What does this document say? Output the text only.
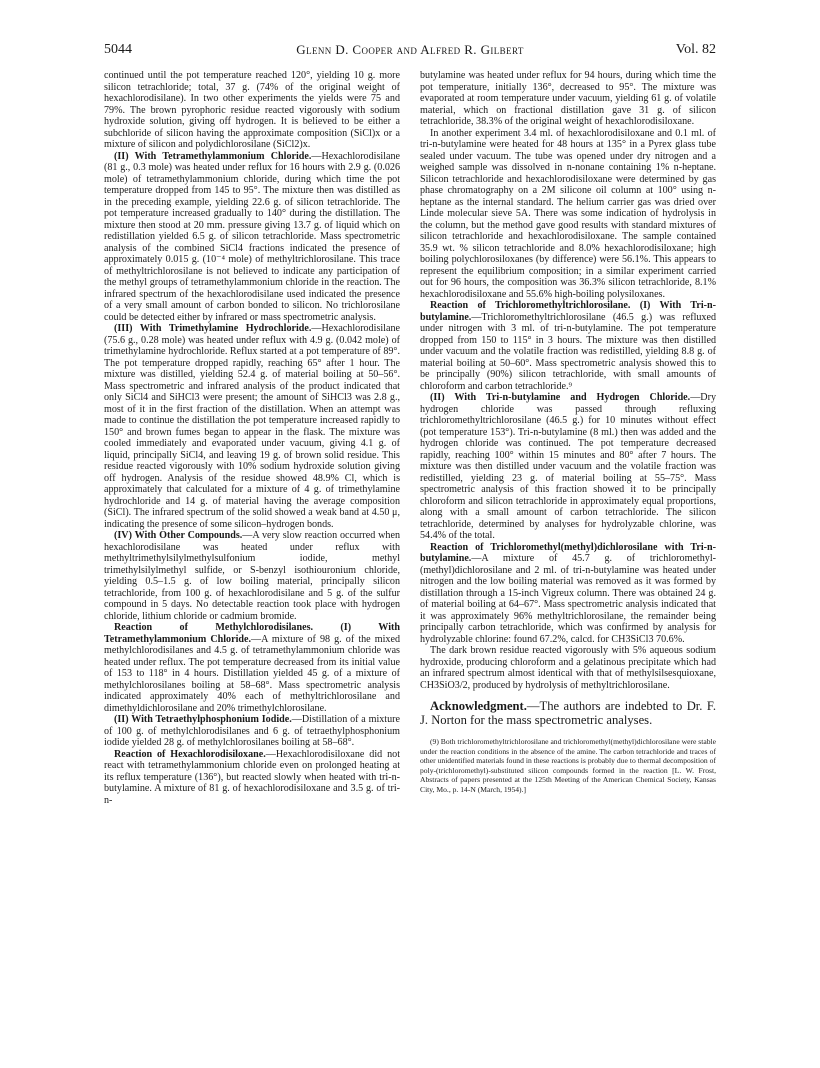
5044	Glenn D. Cooper and Alfred R. Gilbert	Vol. 82

continued until the pot temperature reached 120°, yielding 10 g. more silicon tetrachloride; total, 37 g. (74% of the original weight of hexachlorodisilane). In two other experiments the yields were 75 and 79%. The brown pyrophoric residue reacted vigorously with sodium hydroxide solution, giving off hydrogen. It is believed to be either a subchloride of silicon having the approximate composition (SiCl)x or a mixture of silicon and polydichlorosilane (SiCl2)x.

(II) With Tetramethylammonium Chloride.—Hexachlorodisilane (81 g., 0.3 mole) was heated under reflux for 16 hours with 2.9 g. (0.026 mole) of tetramethylammonium chloride, during which time the pot temperature dropped from 145 to 95°. The mixture then was distilled as in the preceding example, yielding 22.6 g. of silicon tetrachloride. The pot temperature increased gradually to 140° during the distillation. The mixture then stood at 20 mm. pressure giving 13.7 g. of liquid which on redistillation yielded 6.5 g. of silicon tetrachloride. Mass spectrometric analysis of the combined SiCl4 fractions indicated the presence of approximately 0.015 g. (10⁻⁴ mole) of methyltrichlorosilane. This trace of methyltrichlorosilane is not believed to indicate any participation of the methyl groups of tetramethylammonium chloride in the reaction. The infrared spectrum of the hexachlorodisilane used indicated the presence of a very small amount of carbon bonded to silicon. No trichlorosilane could be detected either by infrared or mass spectrometric analysis.

(III) With Trimethylamine Hydrochloride.—Hexachlorodisilane (75.6 g., 0.28 mole) was heated under reflux with 4.9 g. (0.042 mole) of trimethylamine hydrochloride. Reflux started at a pot temperature of 89°. The pot temperature dropped rapidly, reaching 65° after 1 hour. The mixture was distilled, yielding 52.4 g. of material boiling at 50–56°. Mass spectrometric and infrared analysis of the product indicated that only SiCl4 and SiHCl3 were present; the amount of SiHCl3 was 2.8 g., most of it in the first fraction of the distillation. When an attempt was made to continue the distillation the pot temperature increased rapidly to 150° and brown fumes began to appear in the flask. The mixture was cooled immediately and evaporated under vacuum, giving 4.1 g. of liquid, principally SiCl4, and leaving 19 g. of brown solid residue. This residue reacted vigorously with 10% sodium hydroxide solution giving off hydrogen. Analysis of the residue showed 48.9% Cl, which is approximately that calculated for a mixture of 4 g. of trimethylamine hydrochloride and 14 g. of material having the average composition (SiCl). The infrared spectrum of the solid showed a weak band at 4.50 μ, indicating the presence of some silicon–hydrogen bonds.

(IV) With Other Compounds.—A very slow reaction occurred when hexachlorodisilane was heated under reflux with methyltrimethylsilylmethylsulfonium iodide, methyl trimethylsilylmethyl sulfide, or S-benzyl isothiouronium chloride, yielding 0.5–1.5 g. of low boiling material, principally silicon tetrachloride, from 100 g. of hexachlorodisilane and 5 g. of the sulfur compound in 5 days. No detectable reaction took place with hydrogen chloride, lithium chloride or cadmium bromide.

Reaction of Methylchlorodisilanes. (I) With Tetramethylammonium Chloride.—A mixture of 98 g. of the mixed methylchlorodisilanes and 4.5 g. of tetramethylammonium chloride was heated under reflux. The pot temperature decreased from its initial value of 153 to 118° in 4 hours. Distillation yielded 45 g. of a mixture of methylchlorosilanes boiling at 58–68°. Mass spectrometric analysis indicated approximately 40% each of methyltrichlorosilane and dimethyldichlorosilane and 20% trimethylchlorosilane.

(II) With Tetraethylphosphonium Iodide.—Distillation of a mixture of 100 g. of methylchlorodisilanes and 6 g. of tetraethylphosphonium iodide yielded 28 g. of methylchlorosilanes boiling at 58–68°.

Reaction of Hexachlorodisiloxane.—Hexachlorodisiloxane did not react with tetramethylammonium chloride even on prolonged heating at its reflux temperature (136°), but reacted slowly when heated with tri-n-butylamine. A mixture of 81 g. of hexachlorodisiloxane and 3.5 g. of tri-n-

butylamine was heated under reflux for 94 hours, during which time the pot temperature, initially 136°, decreased to 95°. The mixture was evaporated at room temperature under vacuum, yielding 61 g. of volatile material, which on fractional distillation gave 31 g. of silicon tetrachloride, 38.3% of the original weight of hexachlorodisiloxane.

In another experiment 3.4 ml. of hexachlorodisiloxane and 0.1 ml. of tri-n-butylamine were heated for 48 hours at 135° in a Pyrex glass tube sealed under vacuum. The tube was opened under dry nitrogen and a weighed sample was dissolved in n-nonane containing 1% n-heptane. Silicon tetrachloride and hexachlorodisiloxane were determined by gas phase chromatography on a 2M silicone oil column at 100° using n-heptane as the internal standard. The helium carrier gas was dried over Linde molecular sieve 5A. There was some indication of hydrolysis in the column, but the method gave good results with standard mixtures of silicon tetrachloride and hexachlorodisiloxane. The sample contained 35.9 wt. % silicon tetrachloride and 8.0% hexachlorodisiloxane; high boiling polychlorosiloxanes (by difference) were 56.1%. This appears to represent the equilibrium composition; in a similar experiment carried out for 96 hours, the composition was 36.3% silicon tetrachloride, 8.1% hexachlorodisiloxane and 55.6% high-boiling polysiloxanes.

Reaction of Trichloromethyltrichlorosilane. (I) With Tri-n-butylamine.—Trichloromethyltrichlorosilane (46.5 g.) was refluxed under nitrogen with 3 ml. of tri-n-butylamine. The pot temperature dropped from 150 to 115° in 3 hours. The mixture was then distilled under vacuum and the volatile fraction was redistilled, yielding 8.8 g. of material boiling at 50–60°. Mass spectrometric analysis showed this to be principally (90%) silicon tetrachloride, with small amounts of chloroform and carbon tetrachloride.⁹

(II) With Tri-n-butylamine and Hydrogen Chloride.—Dry hydrogen chloride was passed through refluxing trichloromethyltrichlorosilane (46.5 g.) for 10 minutes without effect (pot temperature 153°). Tri-n-butylamine (8 ml.) then was added and the hydrogen chloride was continued. The pot temperature decreased rapidly, reaching 100° within 15 minutes and 80° after 7 hours. The mixture was then distilled under vacuum and the volatile fraction was redistilled, yielding 23 g. of material boiling at 55–75°. Mass spectrometric analysis of this fraction showed it to be principally chloroform and silicon tetrachloride in approximately equal proportions, along with a small amount of carbon tetrachloride. The silicon tetrachloride, determined by analyses for hydrolyzable chlorine, was 54.4% of the total.

Reaction of Trichloromethyl(methyl)dichlorosilane with Tri-n-butylamine.—A mixture of 45.7 g. of trichloromethyl-(methyl)dichlorosilane and 2 ml. of tri-n-butylamine was heated under nitrogen and the low boiling material was removed as it was formed by distillation through a 15-inch Vigreux column. There was obtained 24 g. of material boiling at 64–67°. Mass spectrometric analysis indicated that it was approximately 96% methyltrichlorosilane, the remainder being principally carbon tetrachloride, which was confirmed by analysis for hydrolyzable chlorine: found 67.2%, calcd. for CH3SiCl3 70.6%.

The dark brown residue reacted vigorously with 5% aqueous sodium hydroxide, producing chloroform and a gelatinous precipitate which had an infrared spectrum almost identical with that of methylsilsesquioxane, CH3SiO3/2, produced by hydrolysis of methyltrichlorosilane.

Acknowledgment.—The authors are indebted to Dr. F. J. Norton for the mass spectrometric analyses.

(9) Both trichloromethyltrichlorosilane and trichloromethyl(methyl)dichlorosilane were stable under the reaction conditions in the absence of the amine. The carbon tetrachloride and traces of other unidentified materials found in these reactions is probably due to thermal decomposition of poly-(trichloromethyl)-substituted silicon compounds formed in the reaction [L. W. Frost, Abstracts of papers presented at the 125th Meeting of the American Chemical Society, Kansas City, Mo., p. 14-N (March, 1954).]
